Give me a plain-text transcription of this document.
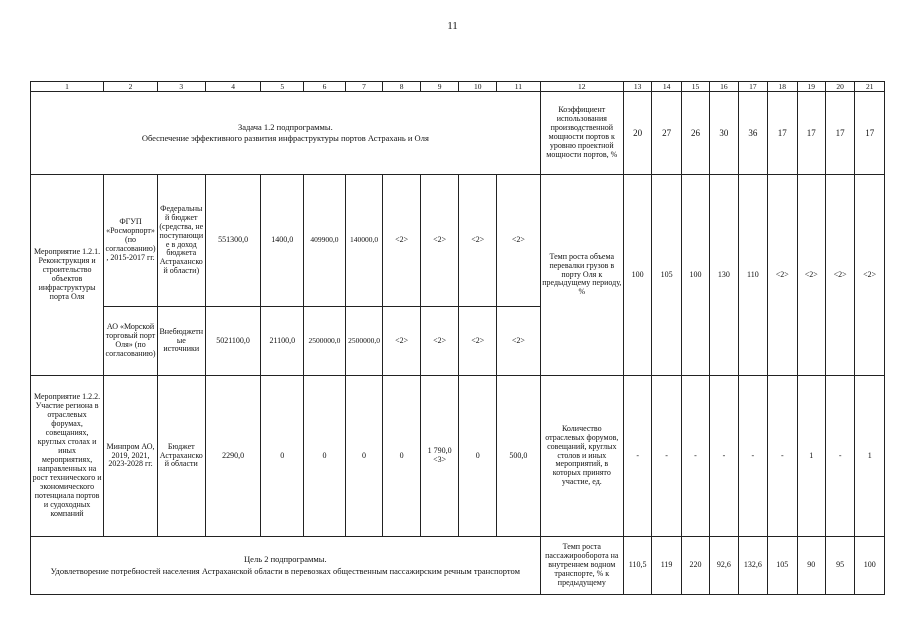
11
1	2	3	4	5	6	7	8	9	10	11	12	13	14	15	16	17	18	19	20	21

Задача 1.2 подпрограммы.
Обеспечение эффективного развития инфраструктуры портов Астрахань и Оля											Коэффициент использования производственной мощности портов к уровню проектной мощности портов, %	20	27	26	30	36	17	17	17	17
Мероприятие 1.2.1. Реконструкция и строительство объектов инфраструктуры порта Оля	ФГУП «Росморпорт» (по согласованию), 2015-2017 гг.	Федеральный бюджет (средства, не поступающие в доход бюджета Астраханской области)	551300,0	1400,0	409900,0	140000,0	<2>	<2>	<2>	<2>	Темп роста объема перевалки грузов в порту Оля к предыдущему периоду, %	100	105	100	130	110	<2>	<2>	<2>	<2>
	АО «Морской торговый порт Оля» (по согласованию)	Внебюджетные источники	5021100,0	21100,0	2500000,0	2500000,0	<2>	<2>	<2>	<2>										
Мероприятие 1.2.2. Участие региона в отраслевых форумах, совещаниях, круглых столах и иных мероприятиях, направленных на рост технического и экономического потенциала портов и судоходных компаний	Минпром АО, 2019, 2021, 2023-2028 гг.	Бюджет Астраханской области	2290,0	0	0	0	0	1 790,0
<3>	0	500,0	Количество отраслевых форумов, совещаний, круглых столов и иных мероприятий, в которых принято участие, ед.	-	-	-	-	-	-	1	-	1

Цель 2 подпрограммы.
Удовлетворение потребностей населения Астраханской области в перевозках общественным пассажирским речным транспортом											Темп роста пассажирооборота на внутреннем водном транспорте, % к предыдущему	110,5	119	220	92,6	132,6	105	90	95	100
